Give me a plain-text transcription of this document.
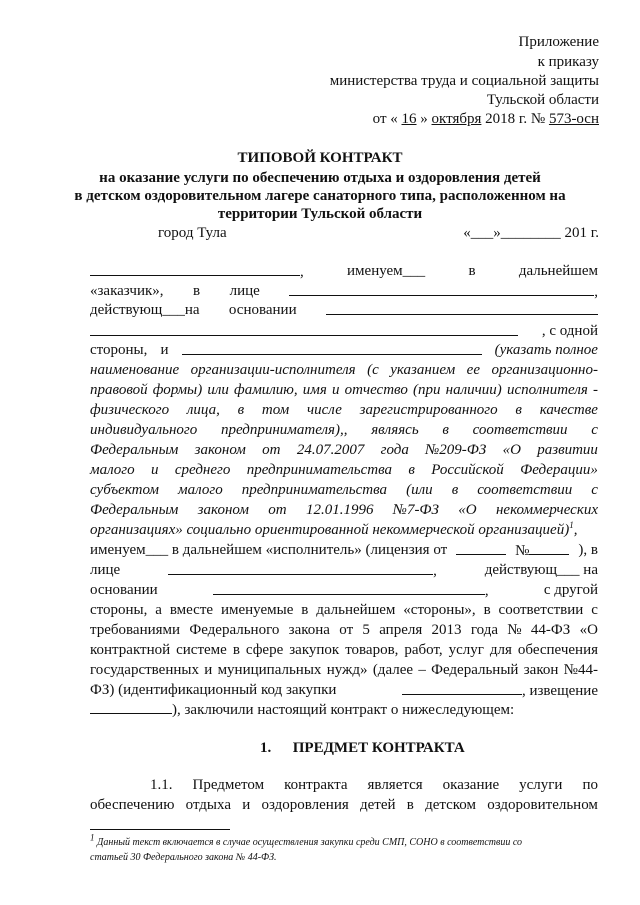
Приложение
к приказу
министерства труда и социальной защиты
Тульской области
от « 16 » октября 2018 г. № 573-осн
ТИПОВОЙ КОНТРАКТ
на оказание услуги по обеспечению отдыха и оздоровления детей
в детском оздоровительном лагере санаторного типа, расположенном на
территории Тульской области
город Тула	«___»________ 201 г.
,	именуем___	в	дальнейшем
«заказчик», в лице	,
действующ___на основании
, с одной
стороны, и	(указать полное
наименование организации-исполнителя (с указанием ее организационно-
правовой формы) или фамилию, имя и отчество (при наличии) исполнителя -
физического лица, в том числе зарегистрированного в качестве
индивидуального предпринимателя),, являясь в соответствии с
Федеральным законом от 24.07.2007 года №209-ФЗ «О развитии
малого и среднего предпринимательства в Российской Федерации»
субъектом малого предпринимательства (или в соответствии с
Федеральным законом от 12.01.1996 №7-ФЗ «О некоммерческих
организациях» социально ориентированной некоммерческой организацией)$^1$,
именуем___ в дальнейшем «исполнитель» (лицензия от	№	), в
лице	,	действующ___ на
основании	,	с другой
стороны, а вместе именуемые в дальнейшем «стороны», в соответствии с
требованиями Федерального закона от 5 апреля 2013 года № 44-ФЗ «О
контрактной системе в сфере закупок товаров, работ, услуг для обеспечения
государственных и муниципальных нужд» (далее – Федеральный закон №44-
ФЗ) (идентификационный код закупки	, извещение
), заключили настоящий контракт о нижеследующем:
1. ПРЕДМЕТ КОНТРАКТА
1.1. Предметом контракта является оказание услуги по
обеспечению отдыха и оздоровления детей в детском оздоровительном
$^1$ Данный текст включается в случае осуществления закупки среди СМП, СОНО в соответствии со
статьей 30 Федерального закона № 44-ФЗ.
